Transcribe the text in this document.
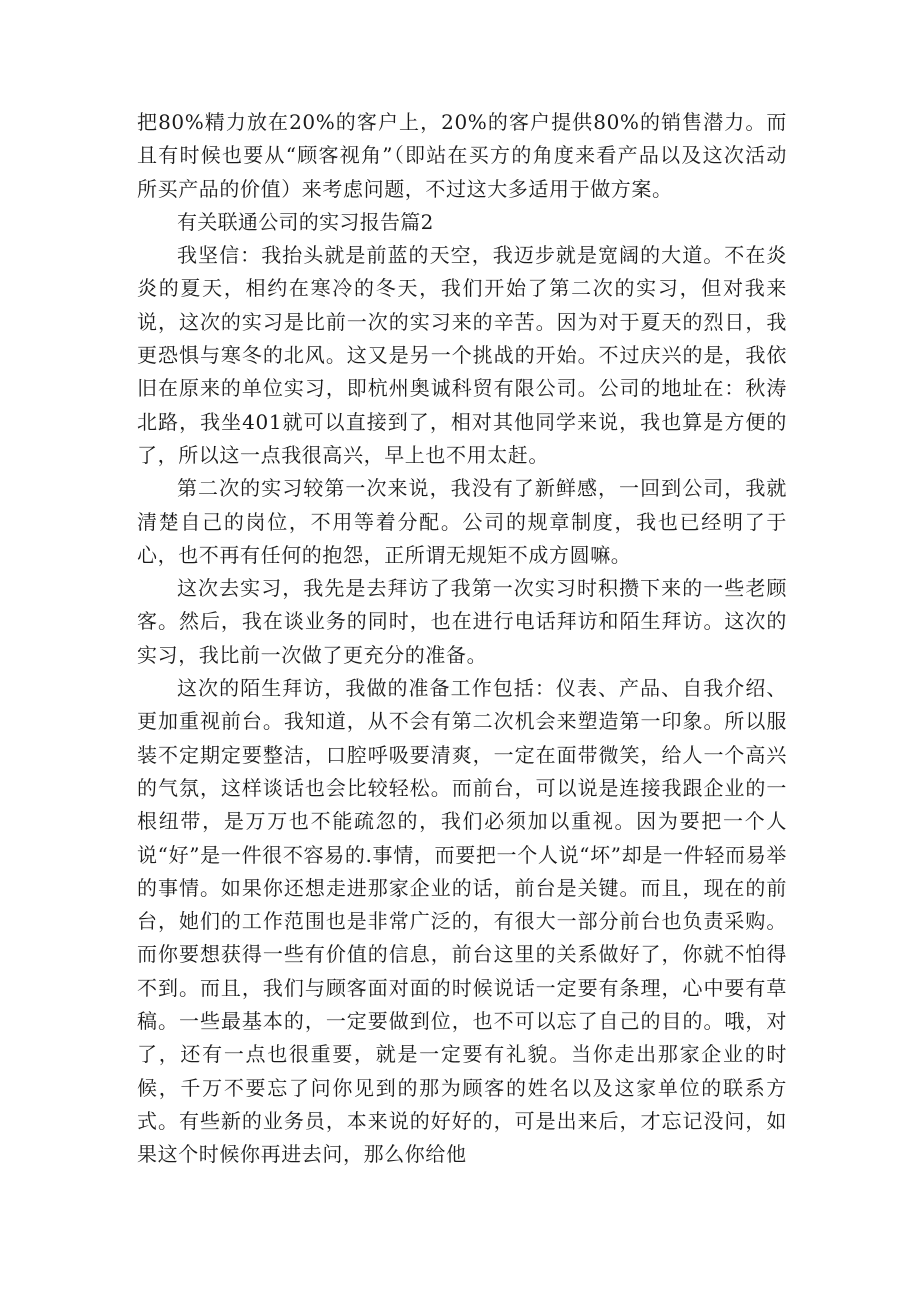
把80%精力放在20%的客户上，20%的客户提供80%的销售潜力。而且有时候也要从“顾客视角”（即站在买方的角度来看产品以及这次活动所买产品的价值）来考虑问题，不过这大多适用于做方案。

有关联通公司的实习报告篇2

我坚信：我抬头就是前蓝的天空，我迈步就是宽阔的大道。不在炎炎的夏天，相约在寒冷的冬天，我们开始了第二次的实习，但对我来说，这次的实习是比前一次的实习来的辛苦。因为对于夏天的烈日，我更恐惧与寒冬的北风。这又是另一个挑战的开始。不过庆兴的是，我依旧在原来的单位实习，即杭州奥诚科贸有限公司。公司的地址在：秋涛北路，我坐401就可以直接到了，相对其他同学来说，我也算是方便的了，所以这一点我很高兴，早上也不用太赶。

第二次的实习较第一次来说，我没有了新鲜感，一回到公司，我就清楚自己的岗位，不用等着分配。公司的规章制度，我也已经明了于心，也不再有任何的抱怨，正所谓无规矩不成方圆嘛。

这次去实习，我先是去拜访了我第一次实习时积攒下来的一些老顾客。然后，我在谈业务的同时，也在进行电话拜访和陌生拜访。这次的实习，我比前一次做了更充分的准备。

这次的陌生拜访，我做的准备工作包括：仪表、产品、自我介绍、更加重视前台。我知道，从不会有第二次机会来塑造第一印象。所以服装不定期定要整洁，口腔呼吸要清爽，一定在面带微笑，给人一个高兴的气氛，这样谈话也会比较轻松。而前台，可以说是连接我跟企业的一根纽带，是万万也不能疏忽的，我们必须加以重视。因为要把一个人说“好”是一件很不容易的.事情，而要把一个人说“坏”却是一件轻而易举的事情。如果你还想走进那家企业的话，前台是关键。而且，现在的前台，她们的工作范围也是非常广泛的，有很大一部分前台也负责采购。而你要想获得一些有价值的信息，前台这里的关系做好了，你就不怕得不到。而且，我们与顾客面对面的时候说话一定要有条理，心中要有草稿。一些最基本的，一定要做到位，也不可以忘了自己的目的。哦，对了，还有一点也很重要，就是一定要有礼貌。当你走出那家企业的时候，千万不要忘了问你见到的那为顾客的姓名以及这家单位的联系方式。有些新的业务员，本来说的好好的，可是出来后，才忘记没问，如果这个时候你再进去问，那么你给他
